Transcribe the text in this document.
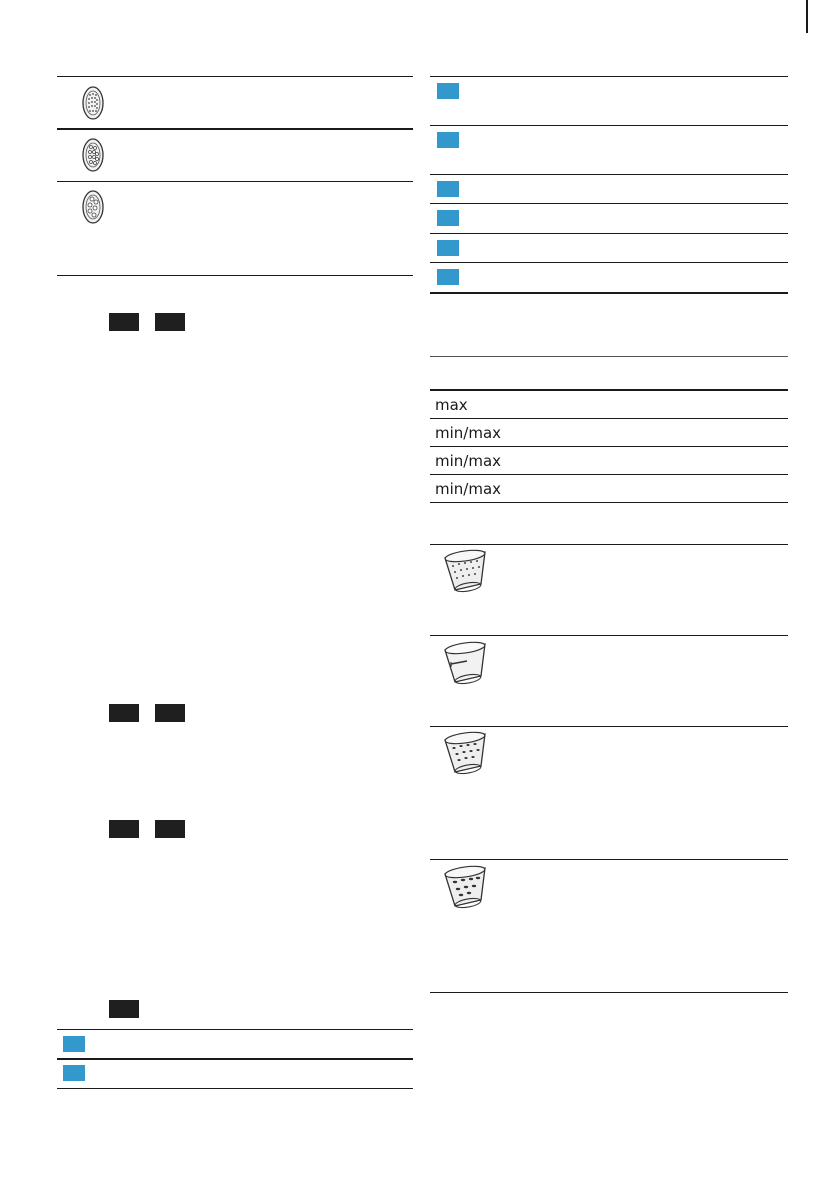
max
min/max
min/max
min/max
